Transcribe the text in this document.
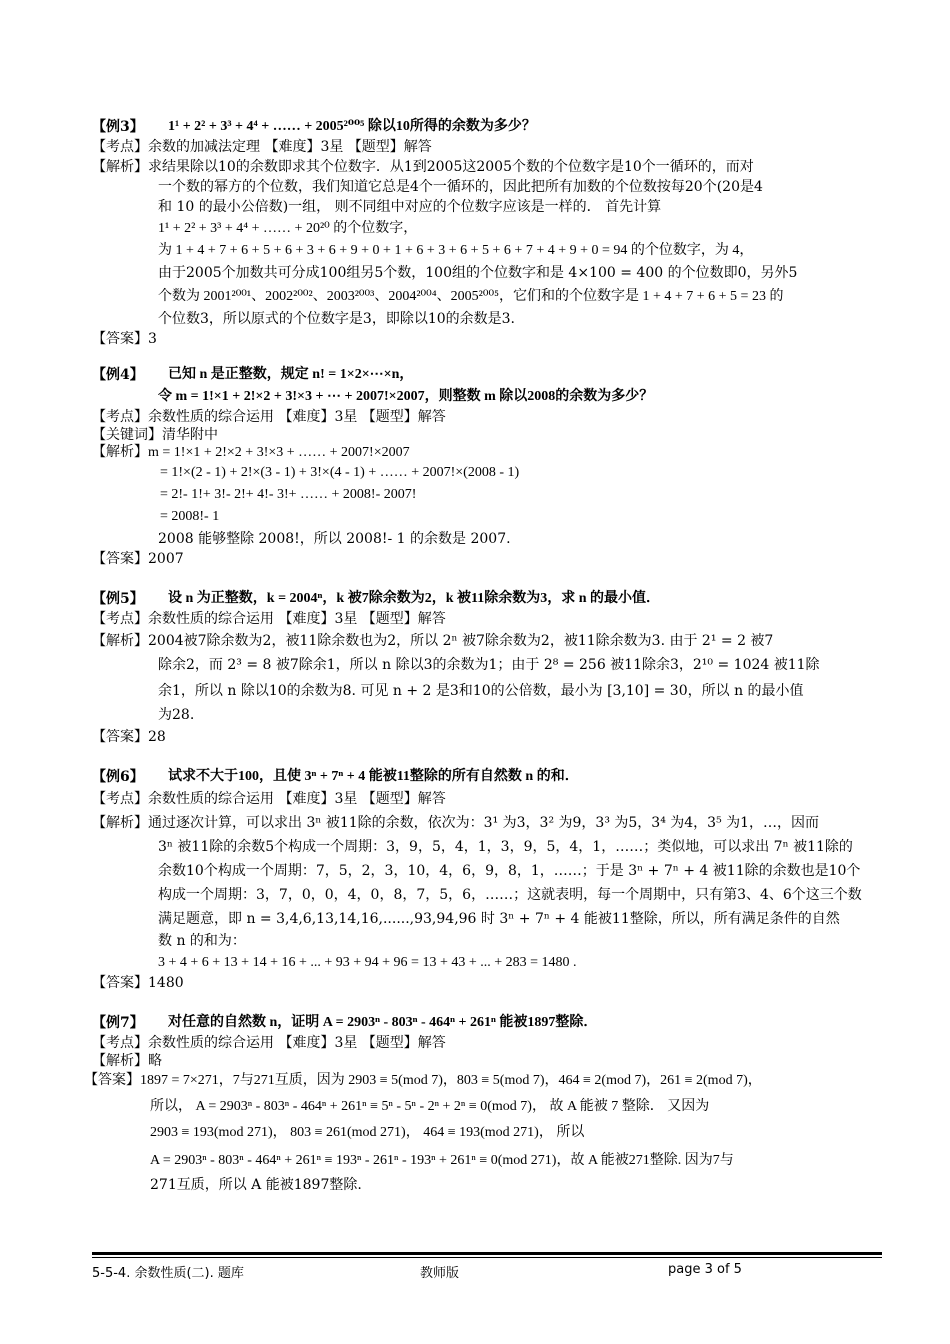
【例3】 1¹ + 2² + 3³ + 4⁴ + …… + 2005²⁰⁰⁵ 除以10所得的余数为多少？
【考点】余数的加减法定理 【难度】3星 【题型】解答
【解析】求结果除以10的余数即求其个位数字．从1到2005这2005个数的个位数字是10个一循环的，而对
一个数的幂方的个位数，我们知道它总是4个一循环的，因此把所有加数的个位数按每20个(20是4
和 10 的最小公倍数)一组， 则不同组中对应的个位数字应该是一样的． 首先计算
1¹ + 2² + 3³ + 4⁴ + …… + 20²⁰ 的个位数字，
为 1 + 4 + 7 + 6 + 5 + 6 + 3 + 6 + 9 + 0 + 1 + 6 + 3 + 6 + 5 + 6 + 7 + 4 + 9 + 0 = 94 的个位数字，为 4，
由于2005个加数共可分成100组另5个数，100组的个位数字和是 4×100 = 400 的个位数即0，另外5
个数为 2001²⁰⁰¹、2002²⁰⁰²、2003²⁰⁰³、2004²⁰⁰⁴、2005²⁰⁰⁵，它们和的个位数字是 1 + 4 + 7 + 6 + 5 = 23 的
个位数3，所以原式的个位数字是3，即除以10的余数是3.
【答案】3
【例4】 已知 n 是正整数，规定 n! = 1×2×⋯×n，
令 m = 1!×1 + 2!×2 + 3!×3 + ⋯ + 2007!×2007，则整数 m 除以2008的余数为多少？
【考点】余数性质的综合运用 【难度】3星 【题型】解答
【关键词】清华附中
【解析】m = 1!×1 + 2!×2 + 3!×3 + …… + 2007!×2007
= 1!×(2 - 1) + 2!×(3 - 1) + 3!×(4 - 1) + …… + 2007!×(2008 - 1)
= 2!- 1!+ 3!- 2!+ 4!- 3!+ …… + 2008!- 2007!
= 2008!- 1
2008 能够整除 2008!，所以 2008!- 1 的余数是 2007.
【答案】2007
【例5】 设 n 为正整数，k = 2004ⁿ，k 被7除余数为2，k 被11除余数为3，求 n 的最小值．
【考点】余数性质的综合运用 【难度】3星 【题型】解答
【解析】2004被7除余数为2，被11除余数也为2，所以 2ⁿ 被7除余数为2，被11除余数为3. 由于 2¹ = 2 被7
除余2，而 2³ = 8 被7除余1，所以 n 除以3的余数为1；由于 2⁸ = 256 被11除余3，2¹⁰ = 1024 被11除
余1，所以 n 除以10的余数为8. 可见 n + 2 是3和10的公倍数，最小为 [3,10] = 30，所以 n 的最小值
为28.
【答案】28
【例6】 试求不大于100，且使 3ⁿ + 7ⁿ + 4 能被11整除的所有自然数 n 的和．
【考点】余数性质的综合运用 【难度】3星 【题型】解答
【解析】通过逐次计算，可以求出 3ⁿ 被11除的余数，依次为：3¹ 为3，3² 为9，3³ 为5，3⁴ 为4，3⁵ 为1，…，因而
3ⁿ 被11除的余数5个构成一个周期：3，9，5，4，1，3，9，5，4，1，……；类似地，可以求出 7ⁿ 被11除的
余数10个构成一个周期：7，5，2，3，10，4，6，9，8，1，……；于是 3ⁿ + 7ⁿ + 4 被11除的余数也是10个
构成一个周期：3，7，0，0，4，0，8，7，5，6，……；这就表明，每一个周期中，只有第3、4、6个这三个数
满足题意，即 n = 3,4,6,13,14,16,......,93,94,96 时 3ⁿ + 7ⁿ + 4 能被11整除，所以，所有满足条件的自然
数 n 的和为：
3 + 4 + 6 + 13 + 14 + 16 + ... + 93 + 94 + 96 = 13 + 43 + ... + 283 = 1480 .
【答案】1480
【例7】 对任意的自然数 n，证明 A = 2903ⁿ - 803ⁿ - 464ⁿ + 261ⁿ 能被1897整除．
【考点】余数性质的综合运用 【难度】3星 【题型】解答
【解析】略
【答案】1897 = 7×271，7与271互质，因为 2903 ≡ 5(mod 7)，803 ≡ 5(mod 7)，464 ≡ 2(mod 7)，261 ≡ 2(mod 7)，
所以， A = 2903ⁿ - 803ⁿ - 464ⁿ + 261ⁿ ≡ 5ⁿ - 5ⁿ - 2ⁿ + 2ⁿ ≡ 0(mod 7)， 故 A 能被 7 整除． 又因为
2903 ≡ 193(mod 271)， 803 ≡ 261(mod 271)， 464 ≡ 193(mod 271)， 所以
A = 2903ⁿ - 803ⁿ - 464ⁿ + 261ⁿ ≡ 193ⁿ - 261ⁿ - 193ⁿ + 261ⁿ ≡ 0(mod 271)，故 A 能被271整除. 因为7与
271互质，所以 A 能被1897整除.
5-5-4. 余数性质(二). 题库	教师版	page 3 of 5
